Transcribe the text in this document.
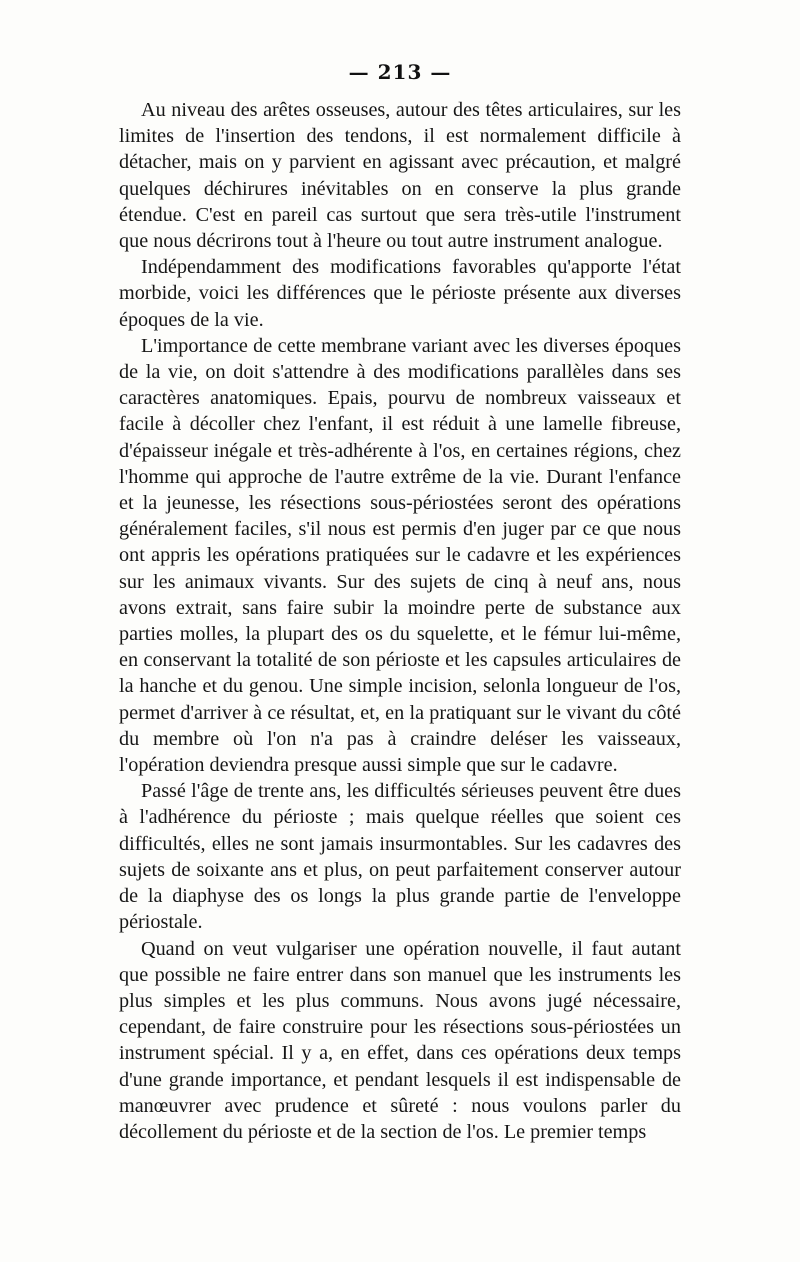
— 213 —

Au niveau des arêtes osseuses, autour des têtes articulaires, sur les limites de l'insertion des tendons, il est normalement difficile à détacher, mais on y parvient en agissant avec précaution, et malgré quelques déchirures inévitables on en conserve la plus grande étendue. C'est en pareil cas surtout que sera très-utile l'instrument que nous décrirons tout à l'heure ou tout autre instrument analogue.

Indépendamment des modifications favorables qu'apporte l'état morbide, voici les différences que le périoste présente aux diverses époques de la vie.

L'importance de cette membrane variant avec les diverses époques de la vie, on doit s'attendre à des modifications parallèles dans ses caractères anatomiques. Epais, pourvu de nombreux vaisseaux et facile à décoller chez l'enfant, il est réduit à une lamelle fibreuse, d'épaisseur inégale et très-adhérente à l'os, en certaines régions, chez l'homme qui approche de l'autre extrême de la vie. Durant l'enfance et la jeunesse, les résections sous-périostées seront des opérations généralement faciles, s'il nous est permis d'en juger par ce que nous ont appris les opérations pratiquées sur le cadavre et les expériences sur les animaux vivants. Sur des sujets de cinq à neuf ans, nous avons extrait, sans faire subir la moindre perte de substance aux parties molles, la plupart des os du squelette, et le fémur lui-même, en conservant la totalité de son périoste et les capsules articulaires de la hanche et du genou. Une simple incision, selonla longueur de l'os, permet d'arriver à ce résultat, et, en la pratiquant sur le vivant du côté du membre où l'on n'a pas à craindre deléser les vaisseaux, l'opération deviendra presque aussi simple que sur le cadavre.

Passé l'âge de trente ans, les difficultés sérieuses peuvent être dues à l'adhérence du périoste ; mais quelque réelles que soient ces difficultés, elles ne sont jamais insurmontables. Sur les cadavres des sujets de soixante ans et plus, on peut parfaitement conserver autour de la diaphyse des os longs la plus grande partie de l'enveloppe périostale.

Quand on veut vulgariser une opération nouvelle, il faut autant que possible ne faire entrer dans son manuel que les instruments les plus simples et les plus communs. Nous avons jugé nécessaire, cependant, de faire construire pour les résections sous-périostées un instrument spécial. Il y a, en effet, dans ces opérations deux temps d'une grande importance, et pendant lesquels il est indispensable de manœuvrer avec prudence et sûreté : nous voulons parler du décollement du périoste et de la section de l'os. Le premier temps
